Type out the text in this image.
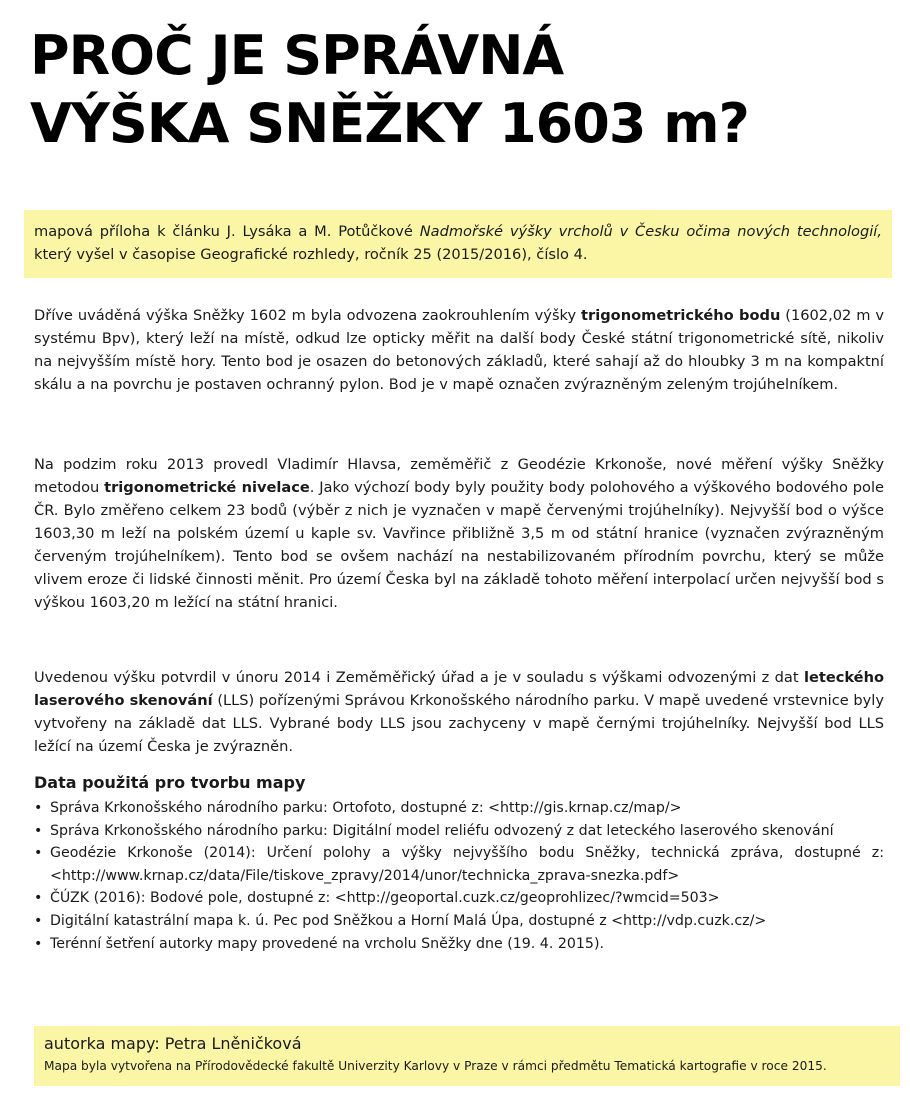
PROČ JE SPRÁVNÁ
VÝŠKA SNĚŽKY 1603 m?
mapová příloha k článku J. Lysáka a M. Potůčkové Nadmořské výšky vrcholů v Česku očima nových technologií, který vyšel v časopise Geografické rozhledy, ročník 25 (2015/2016), číslo 4.

Dříve uváděná výška Sněžky 1602 m byla odvozena zaokrouhlením výšky trigonometrického bodu (1602,02 m v systému Bpv), který leží na místě, odkud lze opticky měřit na další body České státní trigonometrické sítě, nikoliv na nejvyšším místě hory. Tento bod je osazen do betonových základů, které sahají až do hloubky 3 m na kompaktní skálu a na povrchu je postaven ochranný pylon. Bod je v mapě označen zvýrazněným zeleným trojúhelníkem.

Na podzim roku 2013 provedl Vladimír Hlavsa, zeměměřič z Geodézie Krkonoše, nové měření výšky Sněžky metodou trigonometrické nivelace. Jako výchozí body byly použity body polohového a výškového bodového pole ČR. Bylo změřeno celkem 23 bodů (výběr z nich je vyznačen v mapě červenými trojúhelníky). Nejvyšší bod o výšce 1603,30 m leží na polském území u kaple sv. Vavřince přibližně 3,5 m od státní hranice (vyznačen zvýrazněným červeným trojúhelníkem). Tento bod se ovšem nachází na nestabilizovaném přírodním povrchu, který se může vlivem eroze či lidské činnosti měnit. Pro území Česka byl na základě tohoto měření interpolací určen nejvyšší bod s výškou 1603,20 m ležící na státní hranici.

Uvedenou výšku potvrdil v únoru 2014 i Zeměměřický úřad a je v souladu s výškami odvozenými z dat leteckého laserového skenování (LLS) pořízenými Správou Krkonošského národního parku. V mapě uvedené vrstevnice byly vytvořeny na základě dat LLS. Vybrané body LLS jsou zachyceny v mapě černými trojúhelníky. Nejvyšší bod LLS ležící na území Česka je zvýrazněn.

Data použitá pro tvorbu mapy
• Správa Krkonošského národního parku: Ortofoto, dostupné z: <http://gis.krnap.cz/map/>
• Správa Krkonošského národního parku: Digitální model reliéfu odvozený z dat leteckého laserového skenování
• Geodézie Krkonoše (2014): Určení polohy a výšky nejvyššího bodu Sněžky, technická zpráva, dostupné z: <http://www.krnap.cz/data/File/tiskove_zpravy/2014/unor/technicka_zprava-snezka.pdf>
• ČÚZK (2016): Bodové pole, dostupné z: <http://geoportal.cuzk.cz/geoprohlizec/?wmcid=503>
• Digitální katastrální mapa k. ú. Pec pod Sněžkou a Horní Malá Úpa, dostupné z <http://vdp.cuzk.cz/>
• Terénní šetření autorky mapy provedené na vrcholu Sněžky dne (19. 4. 2015).
autorka mapy: Petra Lněničková
Mapa byla vytvořena na Přírodovědecké fakultě Univerzity Karlovy v Praze v rámci předmětu Tematická kartografie v roce 2015.
